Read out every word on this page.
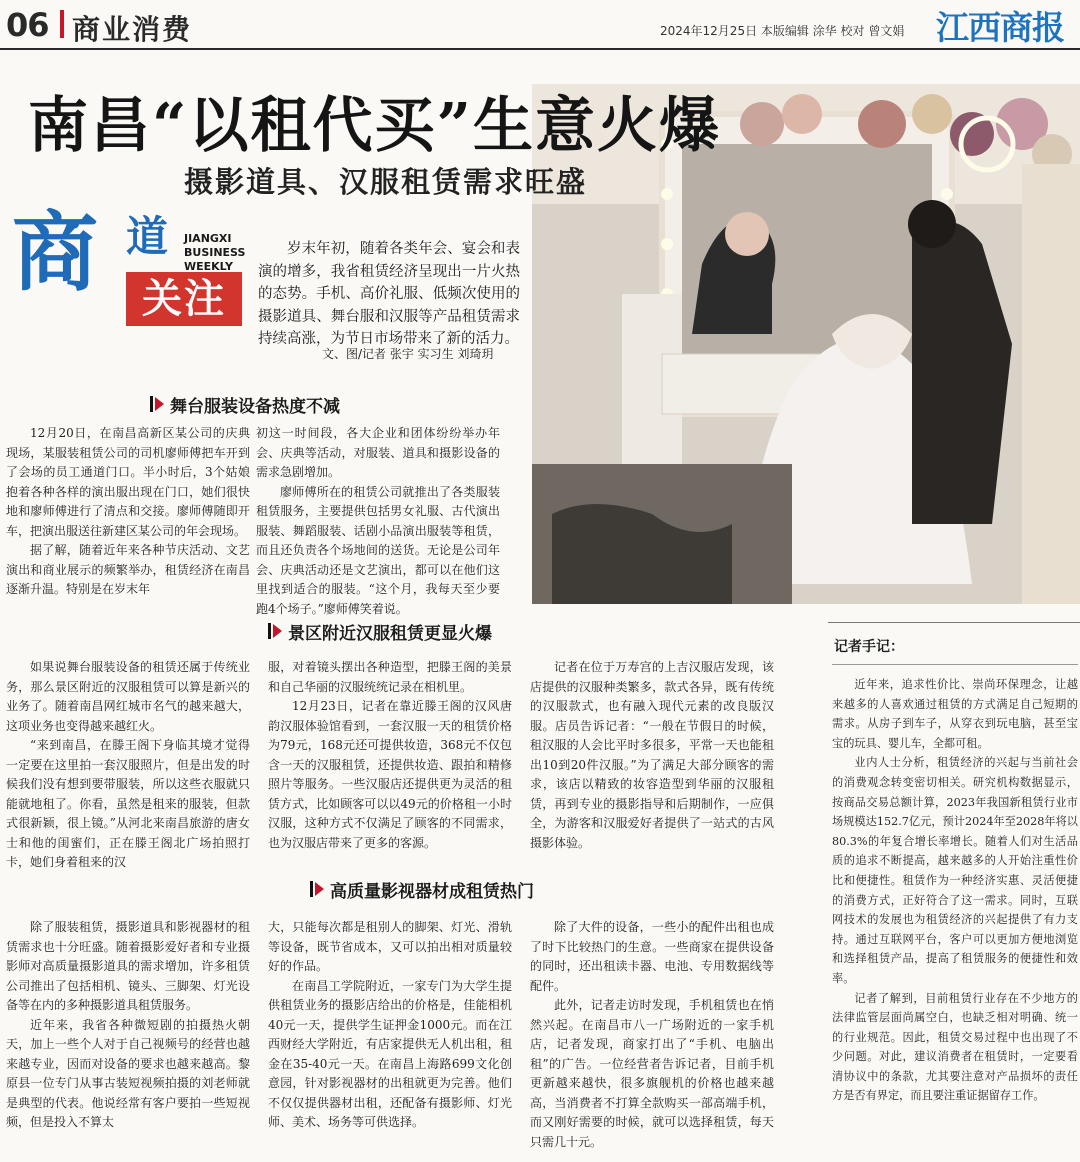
06 商业消费	2024年12月25日 本版编辑 涂华 校对 曾文娟 江西商报
南昌“以租代买”生意火爆
摄影道具、汉服租赁需求旺盛
商 道	JIANGXI
BUSINESS
WEEKLY
关注
岁末年初，随着各类年会、宴会和表演的增多，我省租赁经济呈现出一片火热的态势。手机、高价礼服、低频次使用的摄影道具、舞台服和汉服等产品租赁需求持续高涨，为节日市场带来了新的活力。
文、图/记者 张宇 实习生 刘琦玥
舞台服装设备热度不减

12月20日，在南昌高新区某公司的庆典现场，某服装租赁公司的司机廖师傅把车开到了会场的员工通道门口。半小时后，3个姑娘抱着各种各样的演出服出现在门口，她们很快地和廖师傅进行了清点和交接。廖师傅随即开车，把演出服送往新建区某公司的年会现场。

据了解，随着近年来各种节庆活动、文艺演出和商业展示的频繁举办，租赁经济在南昌逐渐升温。特别是在岁末年

初这一时间段，各大企业和团体纷纷举办年会、庆典等活动，对服装、道具和摄影设备的需求急剧增加。

廖师傅所在的租赁公司就推出了各类服装租赁服务，主要提供包括男女礼服、古代演出服装、舞蹈服装、话剧小品演出服装等租赁，而且还负责各个场地间的送货。无论是公司年会、庆典活动还是文艺演出，都可以在他们这里找到适合的服装。“这个月，我每天至少要跑4个场子。”廖师傅笑着说。

景区附近汉服租赁更显火爆

如果说舞台服装设备的租赁还属于传统业务，那么景区附近的汉服租赁可以算是新兴的业务了。随着南昌网红城市名气的越来越大，这项业务也变得越来越红火。

“来到南昌，在滕王阁下身临其境才觉得一定要在这里拍一套汉服照片，但是出发的时候我们没有想到要带服装，所以这些衣服就只能就地租了。你看，虽然是租来的服装，但款式很新颖，很上镜。”从河北来南昌旅游的唐女士和他的闺蜜们，正在滕王阁北广场拍照打卡，她们身着租来的汉

服，对着镜头摆出各种造型，把滕王阁的美景和自己华丽的汉服统统记录在相机里。

12月23日，记者在靠近滕王阁的汉风唐韵汉服体验馆看到，一套汉服一天的租赁价格为79元，168元还可提供妆造，368元不仅包含一天的汉服租赁，还提供妆造、跟拍和精修照片等服务。一些汉服店还提供更为灵活的租赁方式，比如顾客可以以49元的价格租一小时汉服，这种方式不仅满足了顾客的不同需求，也为汉服店带来了更多的客源。

记者在位于万寿宫的上吉汉服店发现，该店提供的汉服种类繁多，款式各异，既有传统的汉服款式，也有融入现代元素的改良版汉服。店员告诉记者：“一般在节假日的时候，租汉服的人会比平时多很多，平常一天也能租出10到20件汉服。”为了满足大部分顾客的需求，该店以精致的妆容造型到华丽的汉服租赁，再到专业的摄影指导和后期制作，一应俱全，为游客和汉服爱好者提供了一站式的古风摄影体验。

高质量影视器材成租赁热门

除了服装租赁，摄影道具和影视器材的租赁需求也十分旺盛。随着摄影爱好者和专业摄影师对高质量摄影道具的需求增加，许多租赁公司推出了包括相机、镜头、三脚架、灯光设备等在内的多种摄影道具租赁服务。

近年来，我省各种微短剧的拍摄热火朝天，加上一些个人对于自己视频号的经营也越来越专业，因而对设备的要求也越来越高。黎原县一位专门从事古装短视频拍摄的刘老师就是典型的代表。他说经常有客户要拍一些短视频，但是投入不算太

大，只能每次都是租别人的脚架、灯光、滑轨等设备，既节省成本，又可以拍出相对质量较好的作品。

在南昌工学院附近，一家专门为大学生提供租赁业务的摄影店给出的价格是，佳能相机40元一天，提供学生证押金1000元。而在江西财经大学附近，有店家提供无人机出租，租金在35-40元一天。在南昌上海路699文化创意园，针对影视器材的出租就更为完善。他们不仅仅提供器材出租，还配备有摄影师、灯光师、美术、场务等可供选择。

除了大件的设备，一些小的配件出租也成了时下比较热门的生意。一些商家在提供设备的同时，还出租读卡器、电池、专用数据线等配件。

此外，记者走访时发现，手机租赁也在悄然兴起。在南昌市八一广场附近的一家手机店，记者发现，商家打出了“手机、电脑出租”的广告。一位经营者告诉记者，目前手机更新越来越快，很多旗舰机的价格也越来越高，当消费者不打算全款购买一部高端手机，而又刚好需要的时候，就可以选择租赁，每天只需几十元。

记者手记：

近年来，追求性价比、崇尚环保理念，让越来越多的人喜欢通过租赁的方式满足自己短期的需求。从房子到车子，从穿衣到玩电脑，甚至宝宝的玩具、婴儿车，全都可租。

业内人士分析，租赁经济的兴起与当前社会的消费观念转变密切相关。研究机构数据显示，按商品交易总额计算，2023年我国新租赁行业市场规模达152.7亿元，预计2024年至2028年将以80.3%的年复合增长率增长。随着人们对生活品质的追求不断提高，越来越多的人开始注重性价比和便捷性。租赁作为一种经济实惠、灵活便捷的消费方式，正好符合了这一需求。同时，互联网技术的发展也为租赁经济的兴起提供了有力支持。通过互联网平台，客户可以更加方便地浏览和选择租赁产品，提高了租赁服务的便捷性和效率。

记者了解到，目前租赁行业存在不少地方的法律监管层面尚属空白，也缺乏相对明确、统一的行业规范。因此，租赁交易过程中也出现了不少问题。对此，建议消费者在租赁时，一定要看清协议中的条款，尤其要注意对产品损坏的责任方是否有界定，而且要注重证据留存工作。
